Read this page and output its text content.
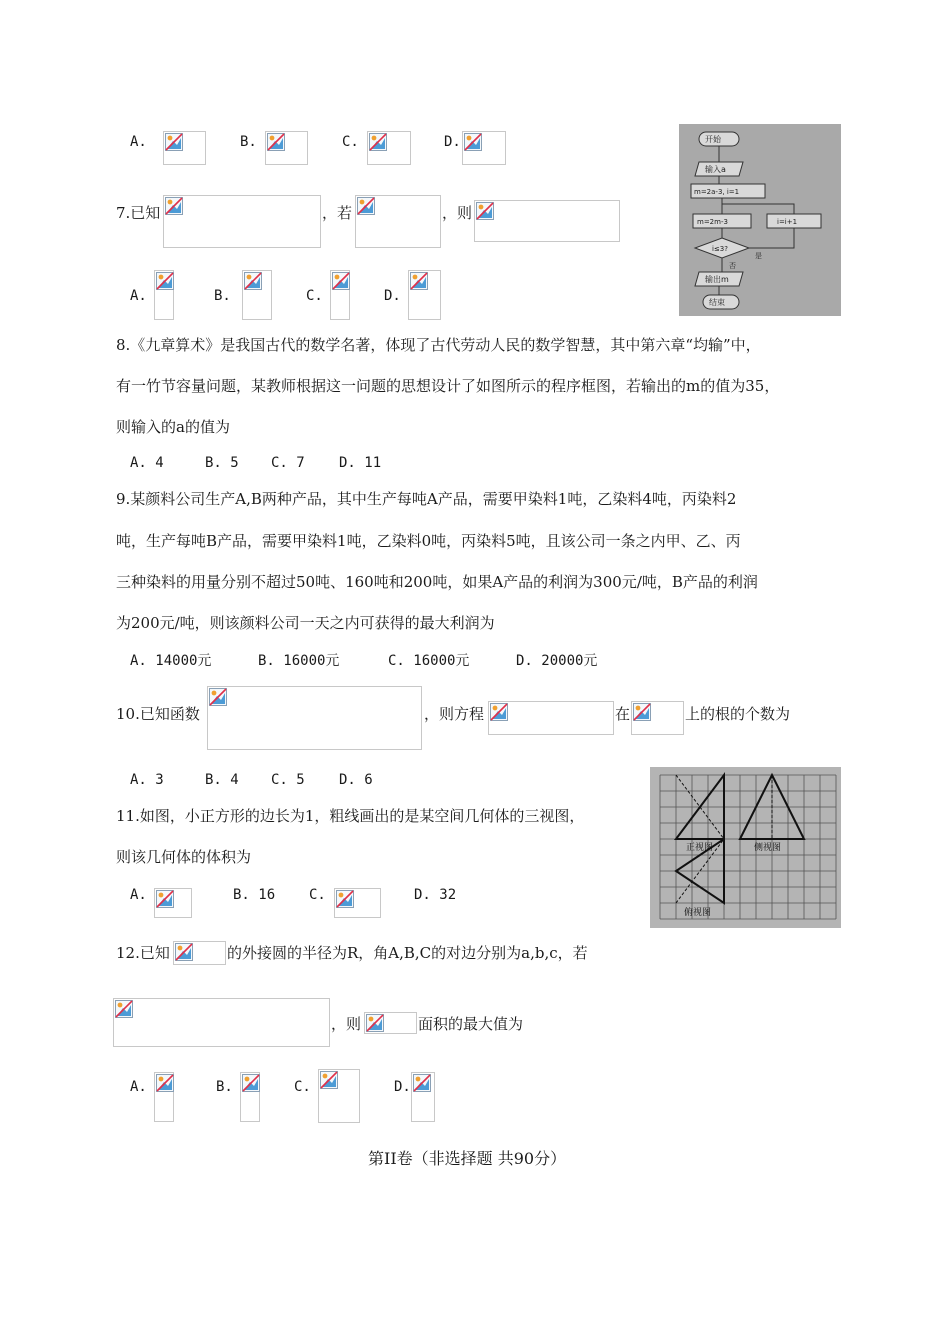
A.	B.	C.	D.	开始
输入a
m=2a-3, i=1
m=2m-3	i=i+1
i≤3?
否
是
输出m
结束
7.已知	，若	，则
A.	B.	C.	D.
8.《九章算术》是我国古代的数学名著，体现了古代劳动人民的数学智慧，其中第六章“均输”中，
有一竹节容量问题，某教师根据这一问题的思想设计了如图所示的程序框图，若输出的m的值为35，
则输入的a的值为
A. 4	B. 5 C. 7 D. 11
9.某颜料公司生产A,B两种产品，其中生产每吨A产品，需要甲染料1吨，乙染料4吨，丙染料2
吨，生产每吨B产品，需要甲染料1吨，乙染料0吨，丙染料5吨，且该公司一条之内甲、乙、丙
三种染料的用量分别不超过50吨、160吨和200吨，如果A产品的利润为300元/吨，B产品的利润
为200元/吨，则该颜料公司一天之内可获得的最大利润为
A. 14000元	B. 16000元	C. 16000元	D. 20000元
10.已知函数	，则方程	在	上的根的个数为
A. 3	B. 4 C. 5 D. 6
正视图	侧视图
俯视图
11.如图，小正方形的边长为1，粗线画出的是某空间几何体的三视图，
则该几何体的体积为
A.	B. 16 C.	D. 32
12.已知	的外接圆的半径为R，角A,B,C的对边分别为a,b,c，若
，则	面积的最大值为
A.	B.	C.	D.
第II卷（非选择题 共90分）
